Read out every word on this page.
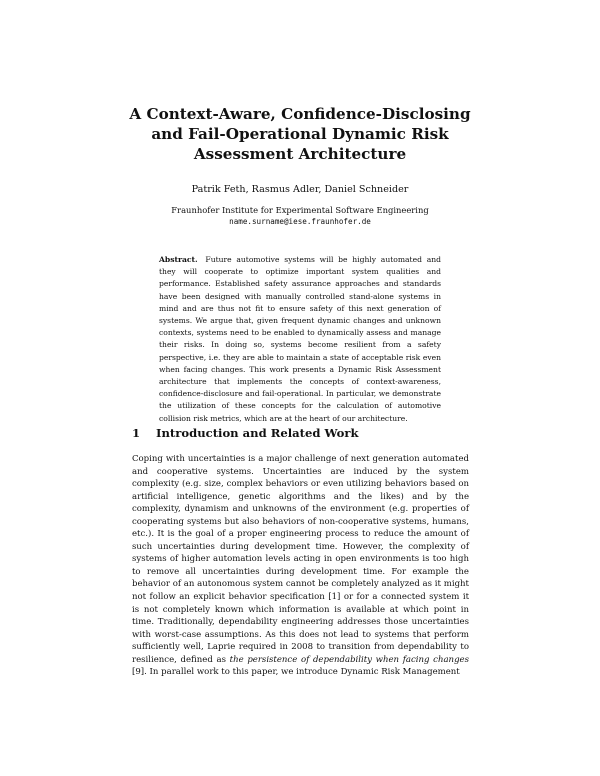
A Context-Aware, Confidence-Disclosing and Fail-Operational Dynamic Risk Assessment Architecture
Patrik Feth, Rasmus Adler, Daniel Schneider
Fraunhofer Institute for Experimental Software Engineering
name.surname@iese.fraunhofer.de
Abstract. Future automotive systems will be highly automated and they will cooperate to optimize important system qualities and performance. Established safety assurance approaches and standards have been designed with manually controlled stand-alone systems in mind and are thus not fit to ensure safety of this next generation of systems. We argue that, given frequent dynamic changes and unknown contexts, systems need to be enabled to dynamically assess and manage their risks. In doing so, systems become resilient from a safety perspective, i.e. they are able to maintain a state of acceptable risk even when facing changes. This work presents a Dynamic Risk Assessment architecture that implements the concepts of context-awareness, confidence-disclosure and fail-operational. In particular, we demonstrate the utilization of these concepts for the calculation of automotive collision risk metrics, which are at the heart of our architecture.
1 Introduction and Related Work
Coping with uncertainties is a major challenge of next generation automated and cooperative systems. Uncertainties are induced by the system complexity (e.g. size, complex behaviors or even utilizing behaviors based on artificial intelligence, genetic algorithms and the likes) and by the complexity, dynamism and unknowns of the environment (e.g. properties of cooperating systems but also behaviors of non-cooperative systems, humans, etc.). It is the goal of a proper engineering process to reduce the amount of such uncertainties during development time. However, the complexity of systems of higher automation levels acting in open environments is too high to remove all uncertainties during development time. For example the behavior of an autonomous system cannot be completely analyzed as it might not follow an explicit behavior specification [1] or for a connected system it is not completely known which information is available at which point in time. Traditionally, dependability engineering addresses those uncertainties with worst-case assumptions. As this does not lead to systems that perform sufficiently well, Laprie required in 2008 to transition from dependability to resilience, defined as the persistence of dependability when facing changes [9]. In parallel work to this paper, we introduce Dynamic Risk Management
